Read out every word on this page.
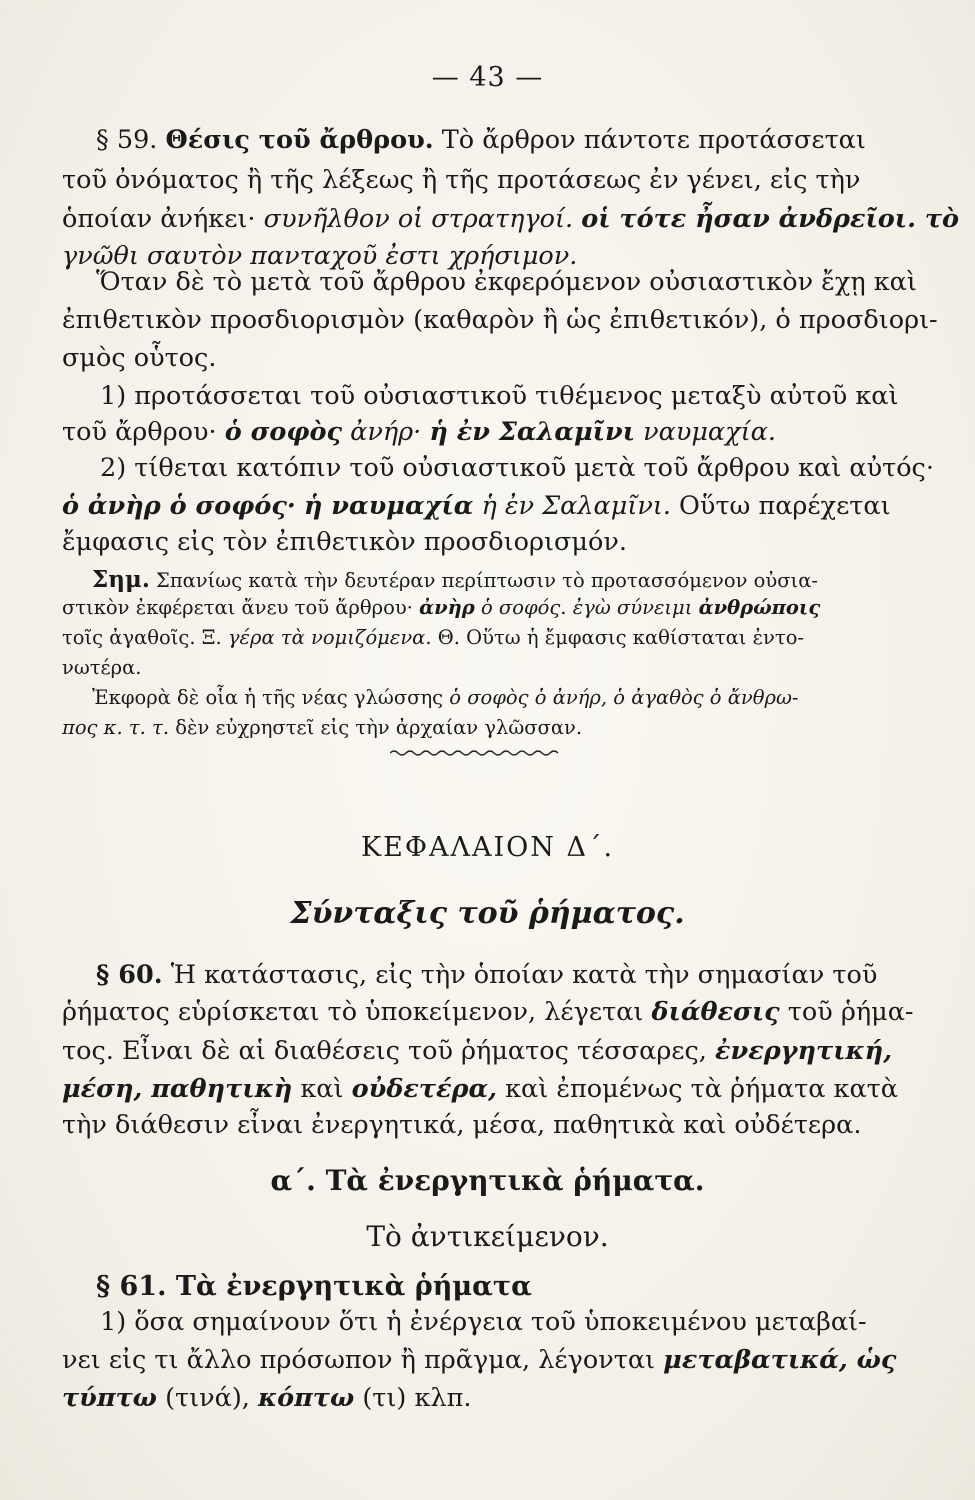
— 43 —
§ 59. Θέσις τοῦ ἄρθρου. Τὸ ἄρθρον πάντοτε προτάσσεται
τοῦ ὀνόματος ἢ τῆς λέξεως ἢ τῆς προτάσεως ἐν γένει, εἰς τὴν
ὁποίαν ἀνήκει· συνῆλθον οἱ στρατηγοί. οἱ τότε ἦσαν ἀνδρεῖοι. τὸ
γνῶθι σαυτὸν πανταχοῦ ἐστι χρήσιμον.
Ὅταν δὲ τὸ μετὰ τοῦ ἄρθρου ἐκφερόμενον οὐσιαστικὸν ἔχῃ καὶ
ἐπιθετικὸν προσδιορισμὸν (καθαρὸν ἢ ὡς ἐπιθετικόν), ὁ προσδιορι-
σμὸς οὗτος.
1) προτάσσεται τοῦ οὐσιαστικοῦ τιθέμενος μεταξὺ αὐτοῦ καὶ
τοῦ ἄρθρου· ὁ σοφὸς ἀνήρ· ἡ ἐν Σαλαμῖνι ναυμαχία.
2) τίθεται κατόπιν τοῦ οὐσιαστικοῦ μετὰ τοῦ ἄρθρου καὶ αὐτός·
ὁ ἀνὴρ ὁ σοφός· ἡ ναυμαχία ἡ ἐν Σαλαμῖνι. Οὕτω παρέχεται
ἔμφασις εἰς τὸν ἐπιθετικὸν προσδιορισμόν.
Σημ. Σπανίως κατὰ τὴν δευτέραν περίπτωσιν τὸ προτασσόμενον οὐσια-
στικὸν ἐκφέρεται ἄνευ τοῦ ἄρθρου· ἀνὴρ ὁ σοφός. ἐγὼ σύνειμι ἀνθρώποις
τοῖς ἀγαθοῖς. Ξ. γέρα τὰ νομιζόμενα. Θ. Οὕτω ἡ ἔμφασις καθίσταται ἐντο-
νωτέρα.
Ἐκφορὰ δὲ οἷα ἡ τῆς νέας γλώσσης ὁ σοφὸς ὁ ἀνήρ, ὁ ἀγαθὸς ὁ ἄνθρω-
πος κ. τ. τ. δὲν εὐχρηστεῖ εἰς τὴν ἀρχαίαν γλῶσσαν.
ΚΕΦΑΛΑΙΟΝ Δ΄.
Σύνταξις τοῦ ῥήματος.
§ 60. Ἡ κατάστασις, εἰς τὴν ὁποίαν κατὰ τὴν σημασίαν τοῦ
ῥήματος εὑρίσκεται τὸ ὑποκείμενον, λέγεται διάθεσις τοῦ ῥήμα-
τος. Εἶναι δὲ αἱ διαθέσεις τοῦ ῥήματος τέσσαρες, ἐνεργητική,
μέση, παθητικὴ καὶ οὐδετέρα, καὶ ἐπομένως τὰ ῥήματα κατὰ
τὴν διάθεσιν εἶναι ἐνεργητικά, μέσα, παθητικὰ καὶ οὐδέτερα.
α΄. Τὰ ἐνεργητικὰ ῥήματα.
Τὸ ἀντικείμενον.
§ 61. Τὰ ἐνεργητικὰ ῥήματα
1) ὅσα σημαίνουν ὅτι ἡ ἐνέργεια τοῦ ὑποκειμένου μεταβαί-
νει εἰς τι ἄλλο πρόσωπον ἢ πρᾶγμα, λέγονται μεταβατικά, ὡς
τύπτω (τινά), κόπτω (τι) κλπ.
